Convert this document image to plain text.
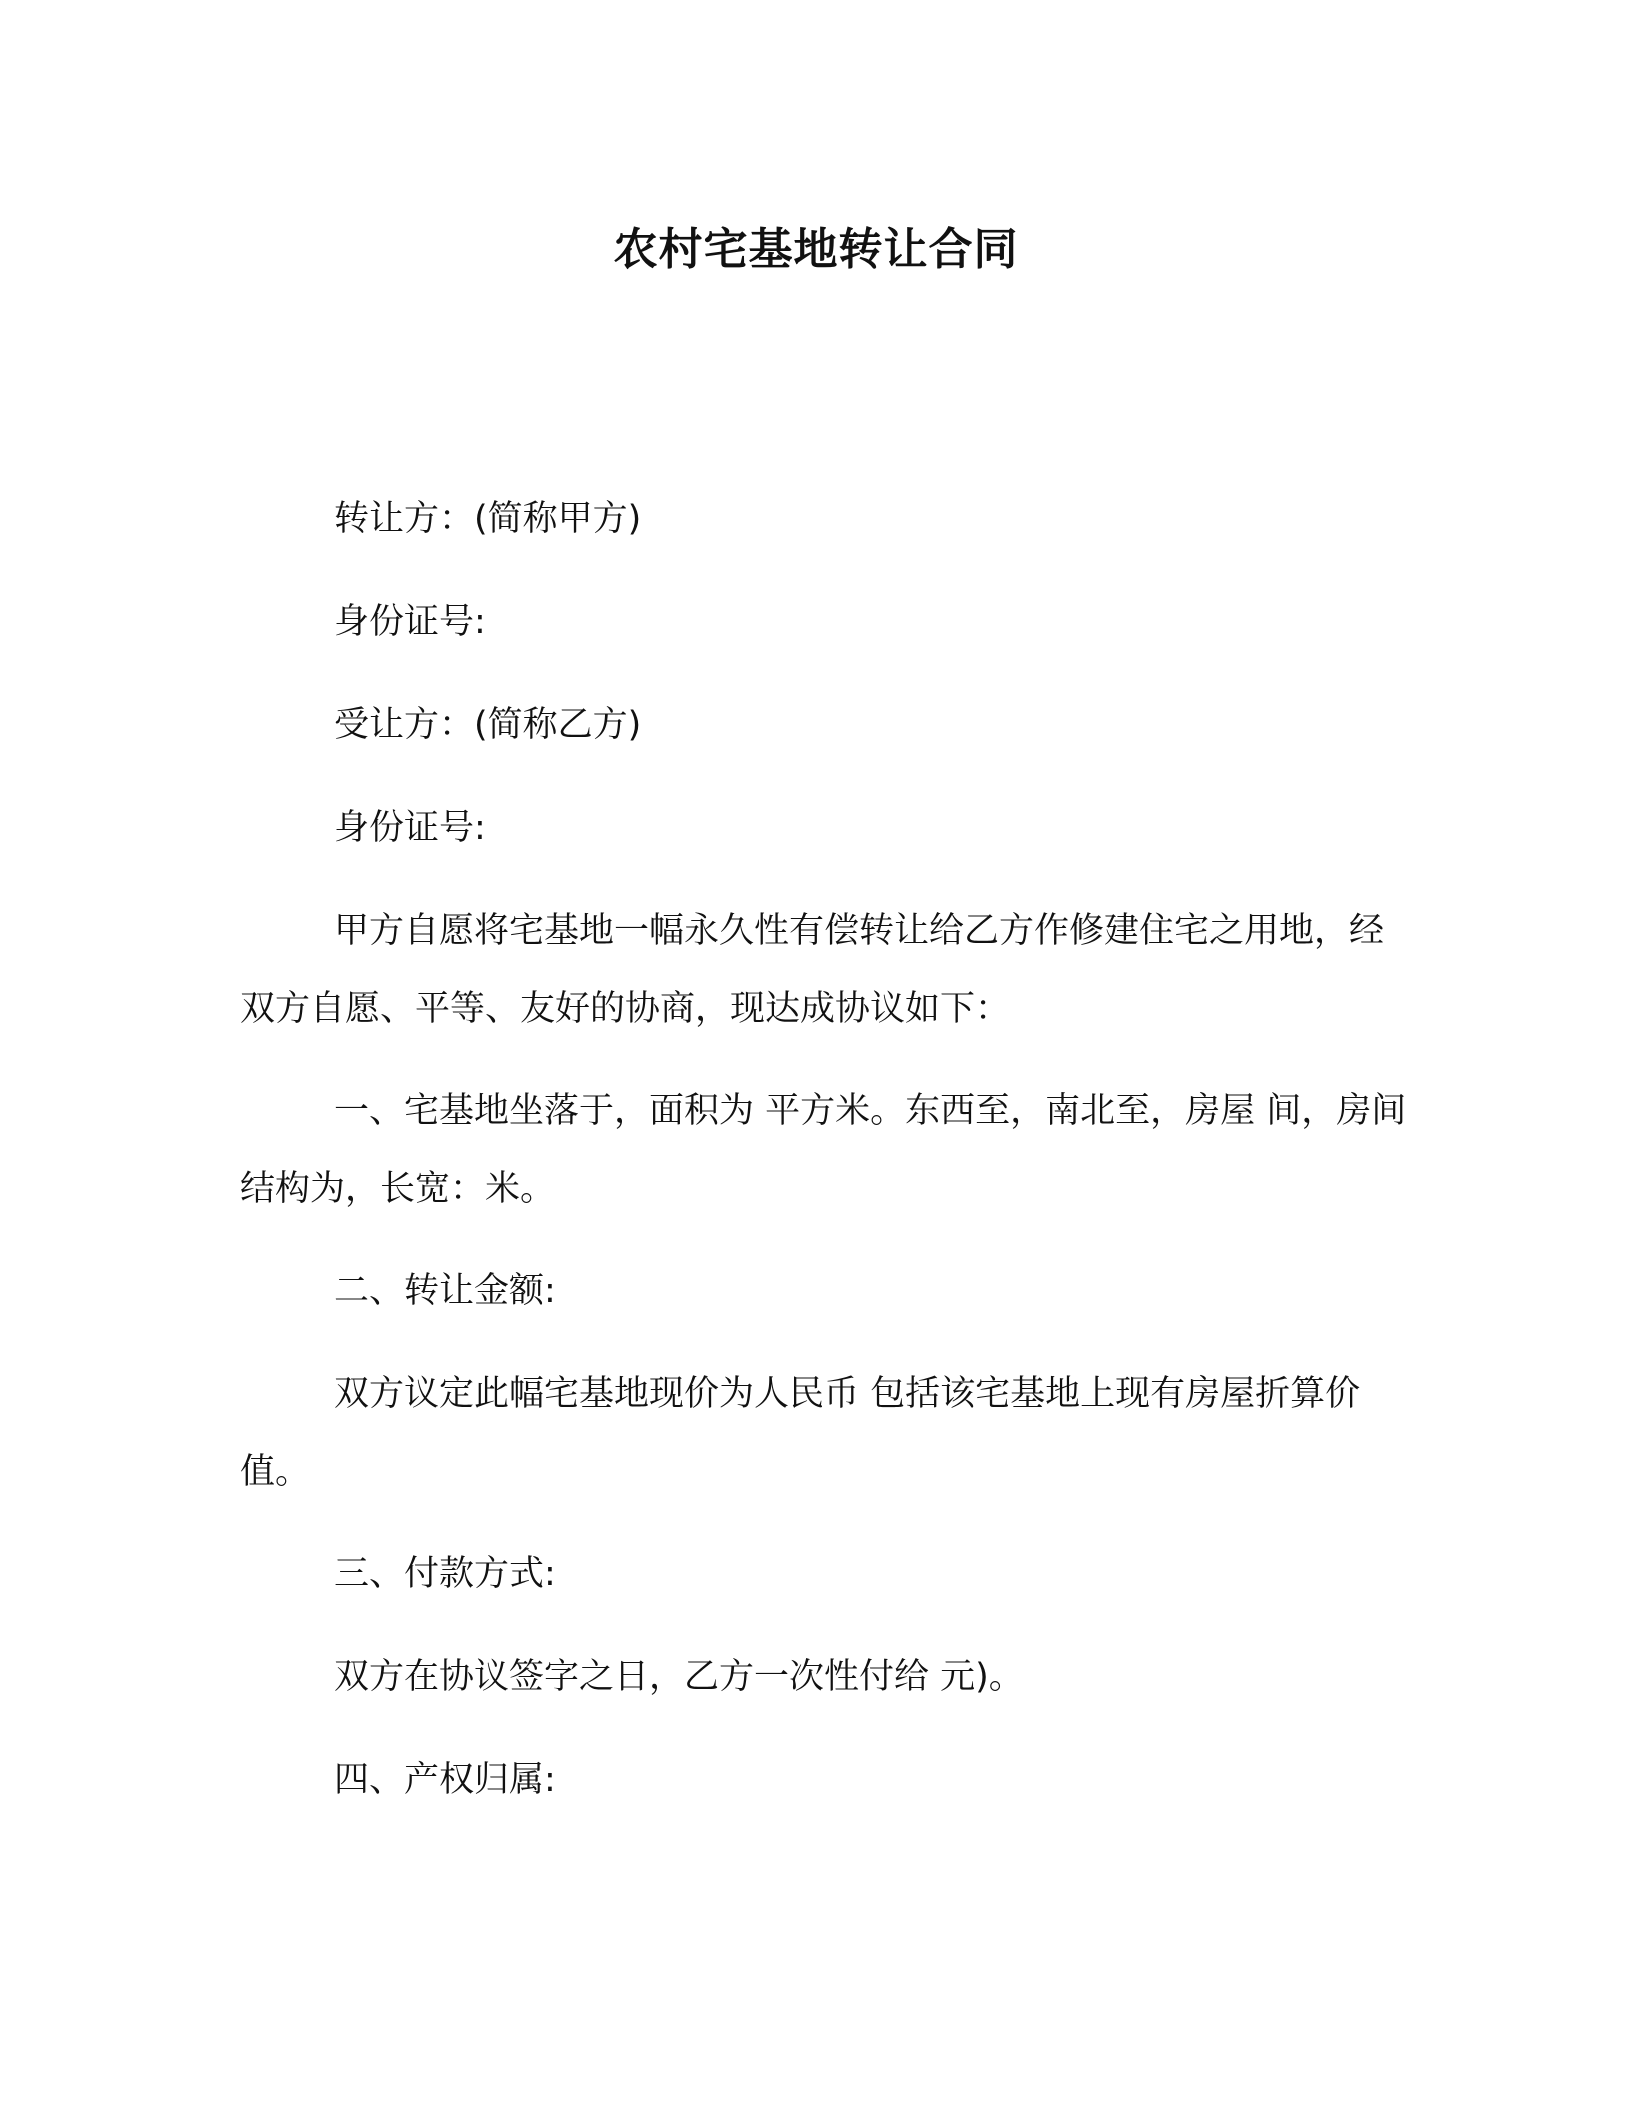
农村宅基地转让合同

转让方：(简称甲方)

身份证号:

受让方：(简称乙方)

身份证号:

甲方自愿将宅基地一幅永久性有偿转让给乙方作修建住宅之用地，经双方自愿、平等、友好的协商，现达成协议如下：

一、宅基地坐落于，面积为 平方米。东西至，南北至，房屋 间，房间结构为，长宽：米。

二、转让金额:

双方议定此幅宅基地现价为人民币 包括该宅基地上现有房屋折算价值。

三、付款方式:

双方在协议签字之日，乙方一次性付给 元)。

四、产权归属:
